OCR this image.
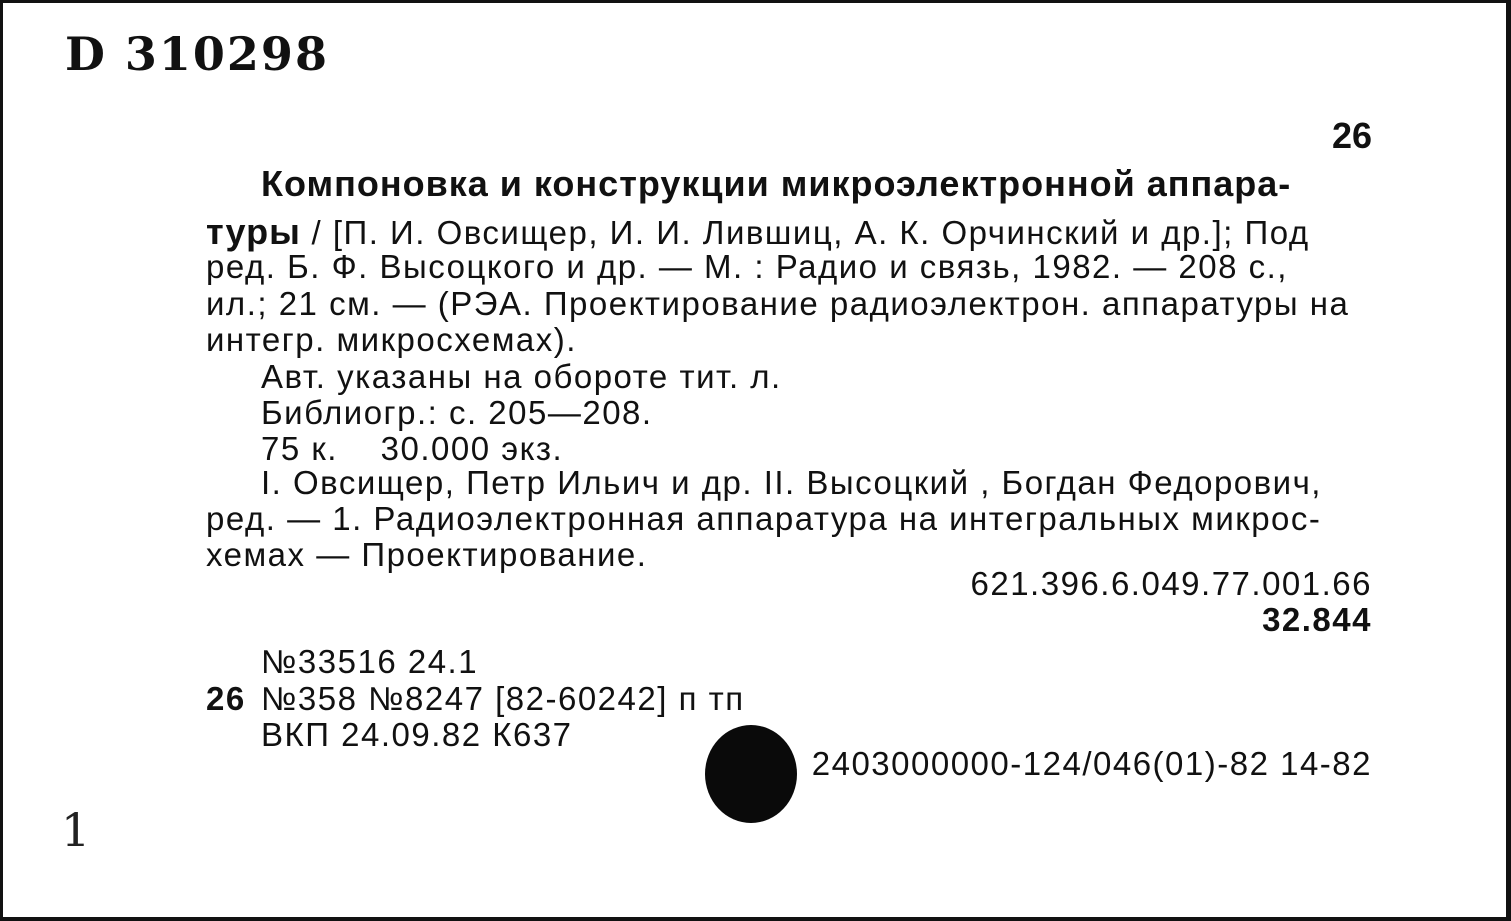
D 310298
26
Компоновка и конструкции микроэлектронной аппара-
туры / [П. И. Овсищер, И. И. Лившиц, А. К. Орчинский и др.]; Под
ред. Б. Ф. Высоцкого и др. — М. : Радио и связь, 1982. — 208 с.,
ил.; 21 см. — (РЭА. Проектирование радиоэлектрон. аппаратуры на
интегр. микросхемах).
Авт. указаны на обороте тит. л.
Библиогр.: с. 205—208.
75 к.    30.000 экз.
I. Овсищер, Петр Ильич и др. II. Высоцкий , Богдан Федорович,
ред. — 1. Радиоэлектронная аппаратура на интегральных микрос-
хемах — Проектирование.
621.396.6.049.77.001.66
32.844
№33516 24.1
26 №358 №8247 [82-60242] п тп
ВКП 24.09.82 К637
2403000000-124/046(01)-82 14-82
1
